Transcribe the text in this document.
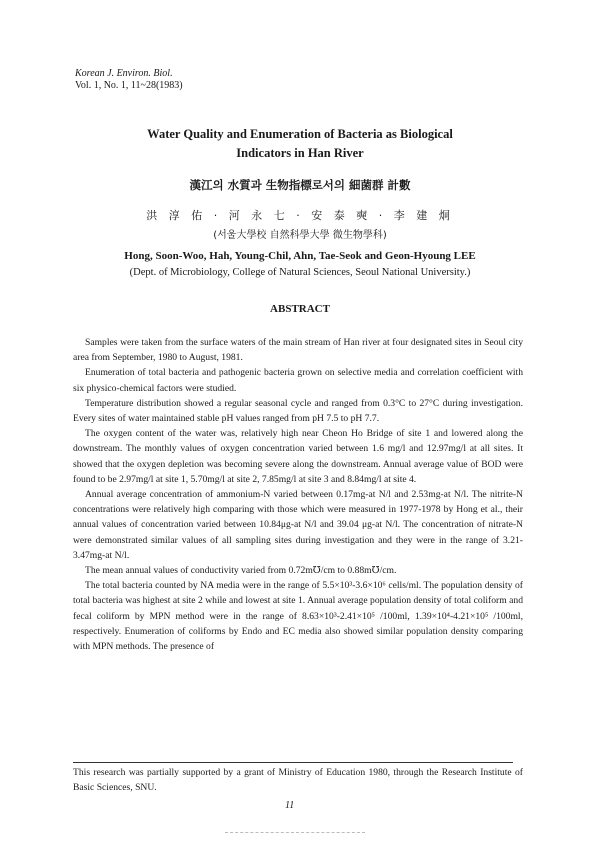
Korean J. Environ. Biol.
Vol. 1, No. 1, 11~28(1983)
Water Quality and Enumeration of Bacteria as Biological
Indicators in Han River
漢江의 水質과 生物指標로서의 細菌群 計數
洪 淳 佑 · 河 永 七 · 安 泰 奭 · 李 建 炯
(서울大學校 自然科學大學 微生物學科)
Hong, Soon-Woo, Hah, Young-Chil, Ahn, Tae-Seok and Geon-Hyoung LEE
(Dept. of Microbiology, College of Natural Sciences, Seoul National University.)
ABSTRACT

Samples were taken from the surface waters of the main stream of Han river at four designated sites in Seoul city area from September, 1980 to August, 1981.

Enumeration of total bacteria and pathogenic bacteria grown on selective media and correlation coefficient with six physico-chemical factors were studied.

Temperature distribution showed a regular seasonal cycle and ranged from 0.3°C to 27°C during investigation. Every sites of water maintained stable pH values ranged from pH 7.5 to pH 7.7.

The oxygen content of the water was, relatively high near Cheon Ho Bridge of site 1 and lowered along the downstream. The monthly values of oxygen concentration varied between 1.6 mg/l and 12.97mg/l at all sites. It showed that the oxygen depletion was becoming severe along the downstream. Annual average value of BOD were found to be 2.97mg/l at site 1, 5.70mg/l at site 2, 7.85mg/l at site 3 and 8.84mg/l at site 4.

Annual average concentration of ammonium-N varied between 0.17mg-at N/l and 2.53mg-at N/l. The nitrite-N concentrations were relatively high comparing with those which were measured in 1977-1978 by Hong et al., their annual values of concentration varied between 10.84μg-at N/l and 39.04 μg-at N/l. The concentration of nitrate-N were demonstrated similar values of all sampling sites during investigation and they were in the range of 3.21-3.47mg-at N/l.

The mean annual values of conductivity varied from 0.72m℧/cm to 0.88m℧/cm.

The total bacteria counted by NA media were in the range of 5.5×10³-3.6×10⁶ cells/ml. The population density of total bacteria was highest at site 2 while and lowest at site 1. Annual average population density of total coliform and fecal coliform by MPN method were in the range of 8.63×10³-2.41×10⁵ /100ml, 1.39×10⁴-4.21×10⁵ /100ml, respectively. Enumeration of coliforms by Endo and EC media also showed similar population density comparing with MPN methods. The presence of

This research was partially supported by a grant of Ministry of Education 1980, through the Research Institute of Basic Sciences, SNU.
11
